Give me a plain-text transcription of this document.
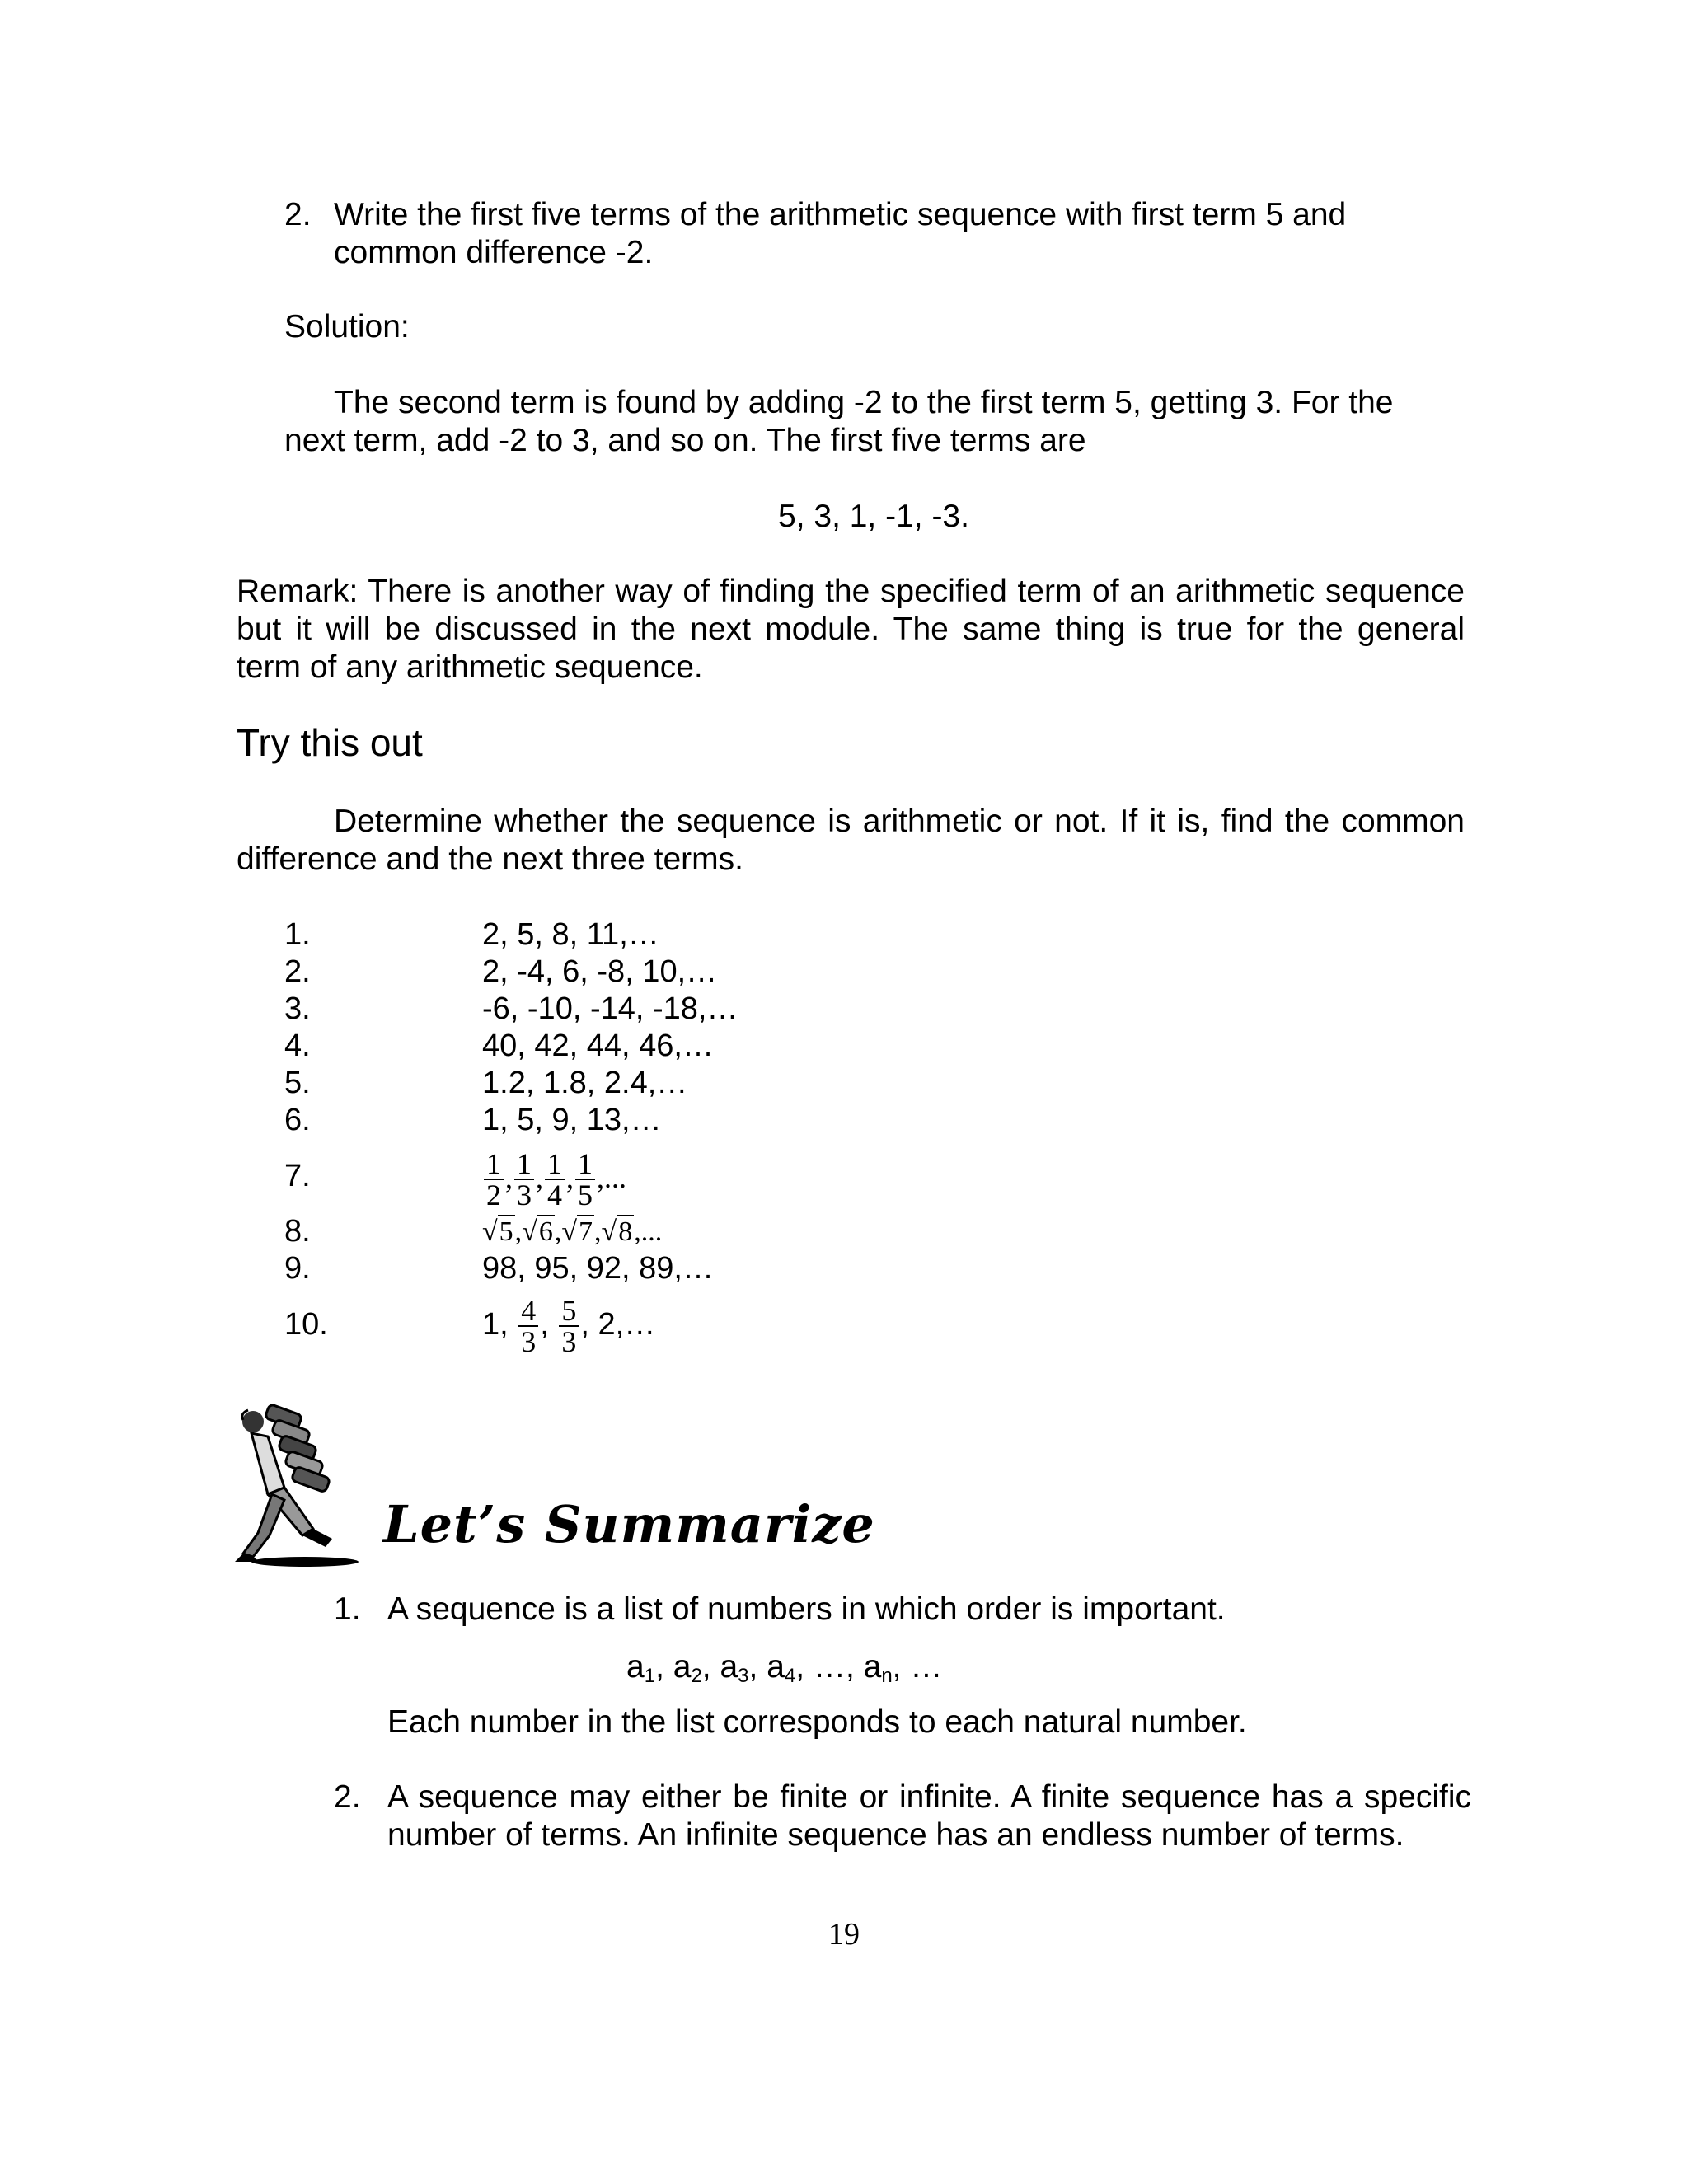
2. Write the first five terms of the arithmetic sequence with first term 5 and
common difference -2.
Solution:
The second term is found by adding -2 to the first term 5, getting 3. For the
next term, add -2 to 3, and so on. The first five terms are
5, 3, 1, -1, -3.
Remark: There is another way of finding the specified term of an arithmetic sequence
but it will be discussed in the next module. The same thing is true for the general
term of any arithmetic sequence.
Try this out
Determine whether the sequence is arithmetic or not. If it is, find the common
difference and the next three terms.
1.	2, 5, 8, 11,…
2.	2, -4, 6, -8, 10,…
3.	-6, -10, -14, -18,…
4.	40, 42, 44, 46,…
5.	1.2, 1.8, 2.4,…
6.	1, 5, 9, 13,…
7.	$\frac{1}{2}$ , $\frac{1}{3}$ , $\frac{1}{4}$ , $\frac{1}{5}$ ,...
8.	√5,√6,√7,√8,...
9.	98, 95, 92, 89,…
10.	1, $\frac{4}{3}$ , $\frac{5}{3}$ , 2,…
Let’s Summarize
1. A sequence is a list of numbers in which order is important.
$a_1$, $a_2$, $a_3$, $a_4$, …, $a_n$, …
Each number in the list corresponds to each natural number.
2. A sequence may either be finite or infinite. A finite sequence has a specific
number of terms. An infinite sequence has an endless number of terms.
19
